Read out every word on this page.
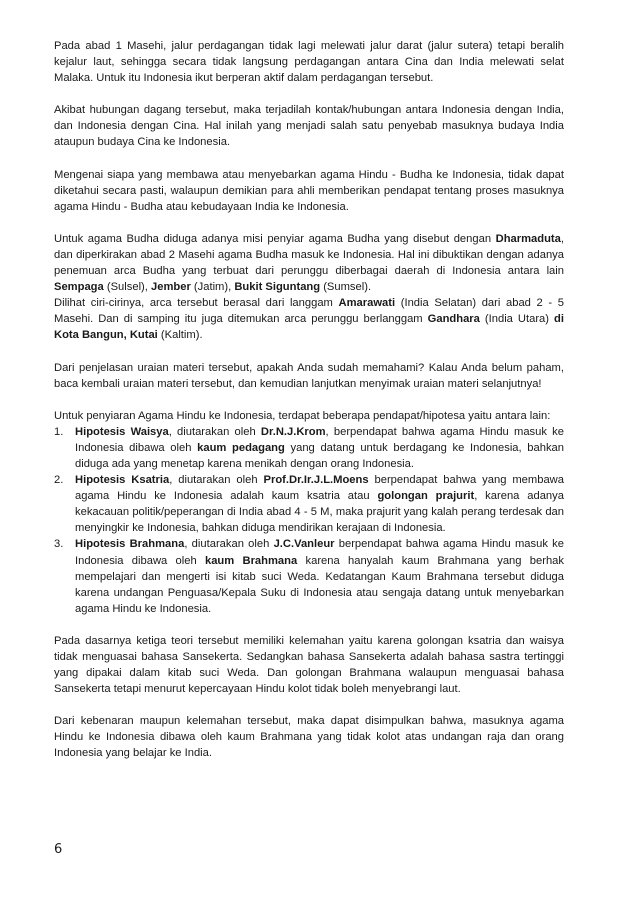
Pada abad 1 Masehi, jalur perdagangan tidak lagi melewati jalur darat (jalur sutera) tetapi beralih kejalur laut, sehingga secara tidak langsung perdagangan antara Cina dan India melewati selat Malaka. Untuk itu Indonesia ikut berperan aktif dalam perdagangan tersebut.

Akibat hubungan dagang tersebut, maka terjadilah kontak/hubungan antara Indonesia dengan India, dan Indonesia dengan Cina. Hal inilah yang menjadi salah satu penyebab masuknya budaya India ataupun budaya Cina ke Indonesia.

Mengenai siapa yang membawa atau menyebarkan agama Hindu - Budha ke Indonesia, tidak dapat diketahui secara pasti, walaupun demikian para ahli memberikan pendapat tentang proses masuknya agama Hindu - Budha atau kebudayaan India ke Indonesia.

Untuk agama Budha diduga adanya misi penyiar agama Budha yang disebut dengan Dharmaduta, dan diperkirakan abad 2 Masehi agama Budha masuk ke Indonesia. Hal ini dibuktikan dengan adanya penemuan arca Budha yang terbuat dari perunggu diberbagai daerah di Indonesia antara lain Sempaga (Sulsel), Jember (Jatim), Bukit Siguntang (Sumsel).

Dilihat ciri-cirinya, arca tersebut berasal dari langgam Amarawati (India Selatan) dari abad 2 - 5 Masehi. Dan di samping itu juga ditemukan arca perunggu berlanggam Gandhara (India Utara) di Kota Bangun, Kutai (Kaltim).

Dari penjelasan uraian materi tersebut, apakah Anda sudah memahami? Kalau Anda belum paham, baca kembali uraian materi tersebut, dan kemudian lanjutkan menyimak uraian materi selanjutnya!

Untuk penyiaran Agama Hindu ke Indonesia, terdapat beberapa pendapat/hipotesa yaitu antara lain:

1. Hipotesis Waisya, diutarakan oleh Dr.N.J.Krom, berpendapat bahwa agama Hindu masuk ke Indonesia dibawa oleh kaum pedagang yang datang untuk berdagang ke Indonesia, bahkan diduga ada yang menetap karena menikah dengan orang Indonesia.
2. Hipotesis Ksatria, diutarakan oleh Prof.Dr.Ir.J.L.Moens berpendapat bahwa yang membawa agama Hindu ke Indonesia adalah kaum ksatria atau golongan prajurit, karena adanya kekacauan politik/peperangan di India abad 4 - 5 M, maka prajurit yang kalah perang terdesak dan menyingkir ke Indonesia, bahkan diduga mendirikan kerajaan di Indonesia.
3. Hipotesis Brahmana, diutarakan oleh J.C.Vanleur berpendapat bahwa agama Hindu masuk ke Indonesia dibawa oleh kaum Brahmana karena hanyalah kaum Brahmana yang berhak mempelajari dan mengerti isi kitab suci Weda. Kedatangan Kaum Brahmana tersebut diduga karena undangan Penguasa/Kepala Suku di Indonesia atau sengaja datang untuk menyebarkan agama Hindu ke Indonesia.

Pada dasarnya ketiga teori tersebut memiliki kelemahan yaitu karena golongan ksatria dan waisya tidak menguasai bahasa Sansekerta. Sedangkan bahasa Sansekerta adalah bahasa sastra tertinggi yang dipakai dalam kitab suci Weda. Dan golongan Brahmana walaupun menguasai bahasa Sansekerta tetapi menurut kepercayaan Hindu kolot tidak boleh menyebrangi laut.

Dari kebenaran maupun kelemahan tersebut, maka dapat disimpulkan bahwa, masuknya agama Hindu ke Indonesia dibawa oleh kaum Brahmana yang tidak kolot atas undangan raja dan orang Indonesia yang belajar ke India.

6
